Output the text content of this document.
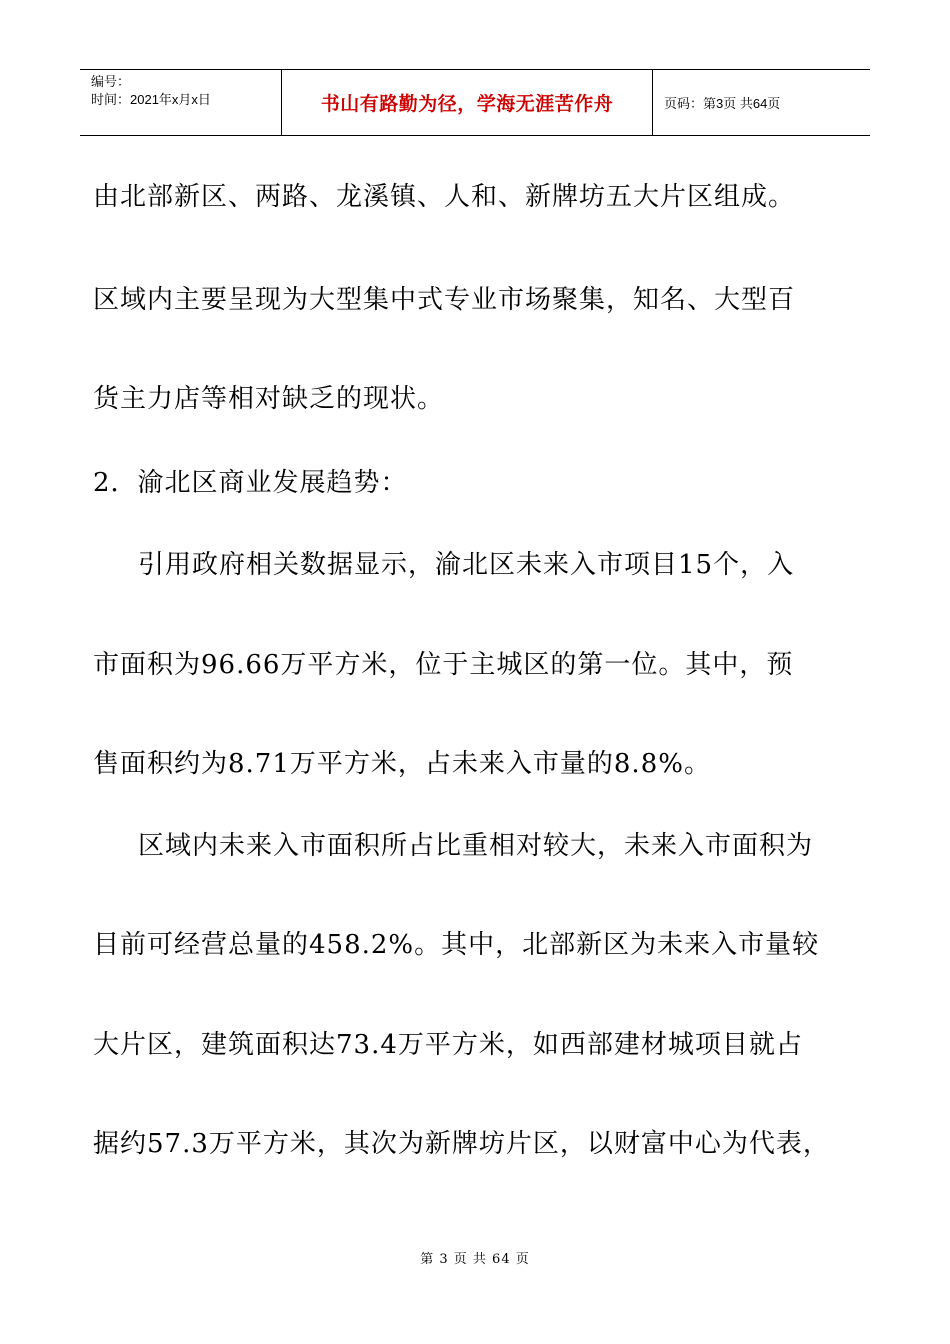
编号：
时间：2021年x月x日	书山有路勤为径，学海无涯苦作舟	页码：第3页 共64页
由北部新区、两路、龙溪镇、人和、新牌坊五大片区组成。
区域内主要呈现为大型集中式专业市场聚集，知名、大型百
货主力店等相对缺乏的现状。
2．渝北区商业发展趋势：
引用政府相关数据显示，渝北区未来入市项目15个，入
市面积为96.66万平方米，位于主城区的第一位。其中，预
售面积约为8.71万平方米，占未来入市量的8.8%。
区域内未来入市面积所占比重相对较大，未来入市面积为
目前可经营总量的458.2%。其中，北部新区为未来入市量较
大片区，建筑面积达73.4万平方米，如西部建材城项目就占
据约57.3万平方米，其次为新牌坊片区，以财富中心为代表，
第 3 页 共 64 页
